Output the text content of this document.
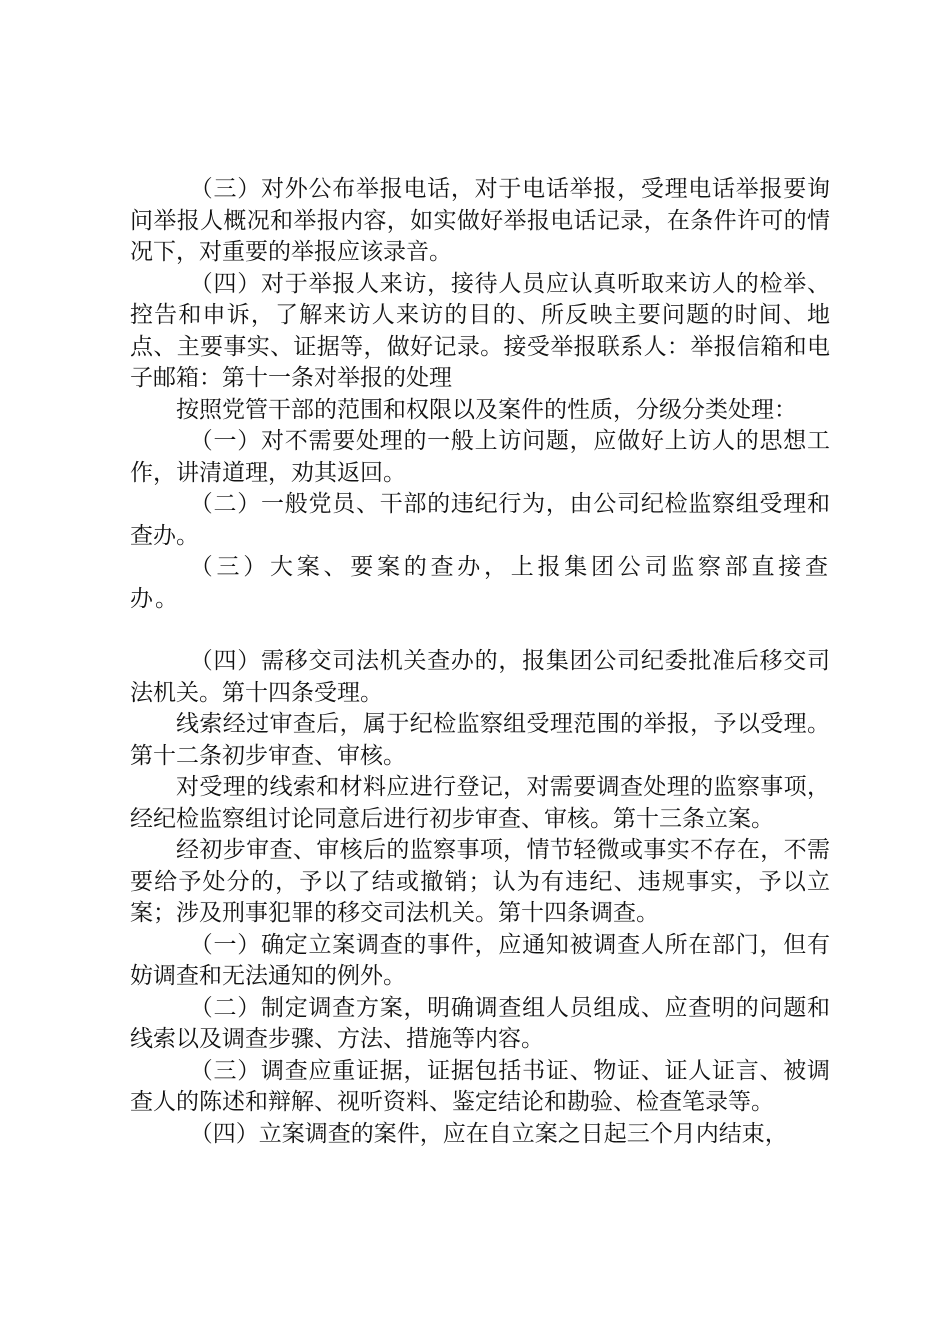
（三）对外公布举报电话，对于电话举报，受理电话举报要询问举报人概况和举报内容，如实做好举报电话记录，在条件许可的情况下，对重要的举报应该录音。

（四）对于举报人来访，接待人员应认真听取来访人的检举、控告和申诉，了解来访人来访的目的、所反映主要问题的时间、地点、主要事实、证据等，做好记录。接受举报联系人：举报信箱和电子邮箱：第十一条对举报的处理

按照党管干部的范围和权限以及案件的性质，分级分类处理：

（一）对不需要处理的一般上访问题，应做好上访人的思想工作，讲清道理，劝其返回。

（二）一般党员、干部的违纪行为，由公司纪检监察组受理和查办。

（三）大案、要案的查办，上报集团公司监察部直接查办。

（四）需移交司法机关查办的，报集团公司纪委批准后移交司法机关。第十四条受理。

线索经过审查后，属于纪检监察组受理范围的举报，予以受理。第十二条初步审查、审核。

对受理的线索和材料应进行登记，对需要调查处理的监察事项，经纪检监察组讨论同意后进行初步审查、审核。第十三条立案。

经初步审查、审核后的监察事项，情节轻微或事实不存在，不需要给予处分的，予以了结或撤销；认为有违纪、违规事实，予以立案；涉及刑事犯罪的移交司法机关。第十四条调查。

（一）确定立案调查的事件，应通知被调查人所在部门，但有妨调查和无法通知的例外。

（二）制定调查方案，明确调查组人员组成、应查明的问题和线索以及调查步骤、方法、措施等内容。

（三）调查应重证据，证据包括书证、物证、证人证言、被调查人的陈述和辩解、视听资料、鉴定结论和勘验、检查笔录等。

（四）立案调查的案件，应在自立案之日起三个月内结束，
